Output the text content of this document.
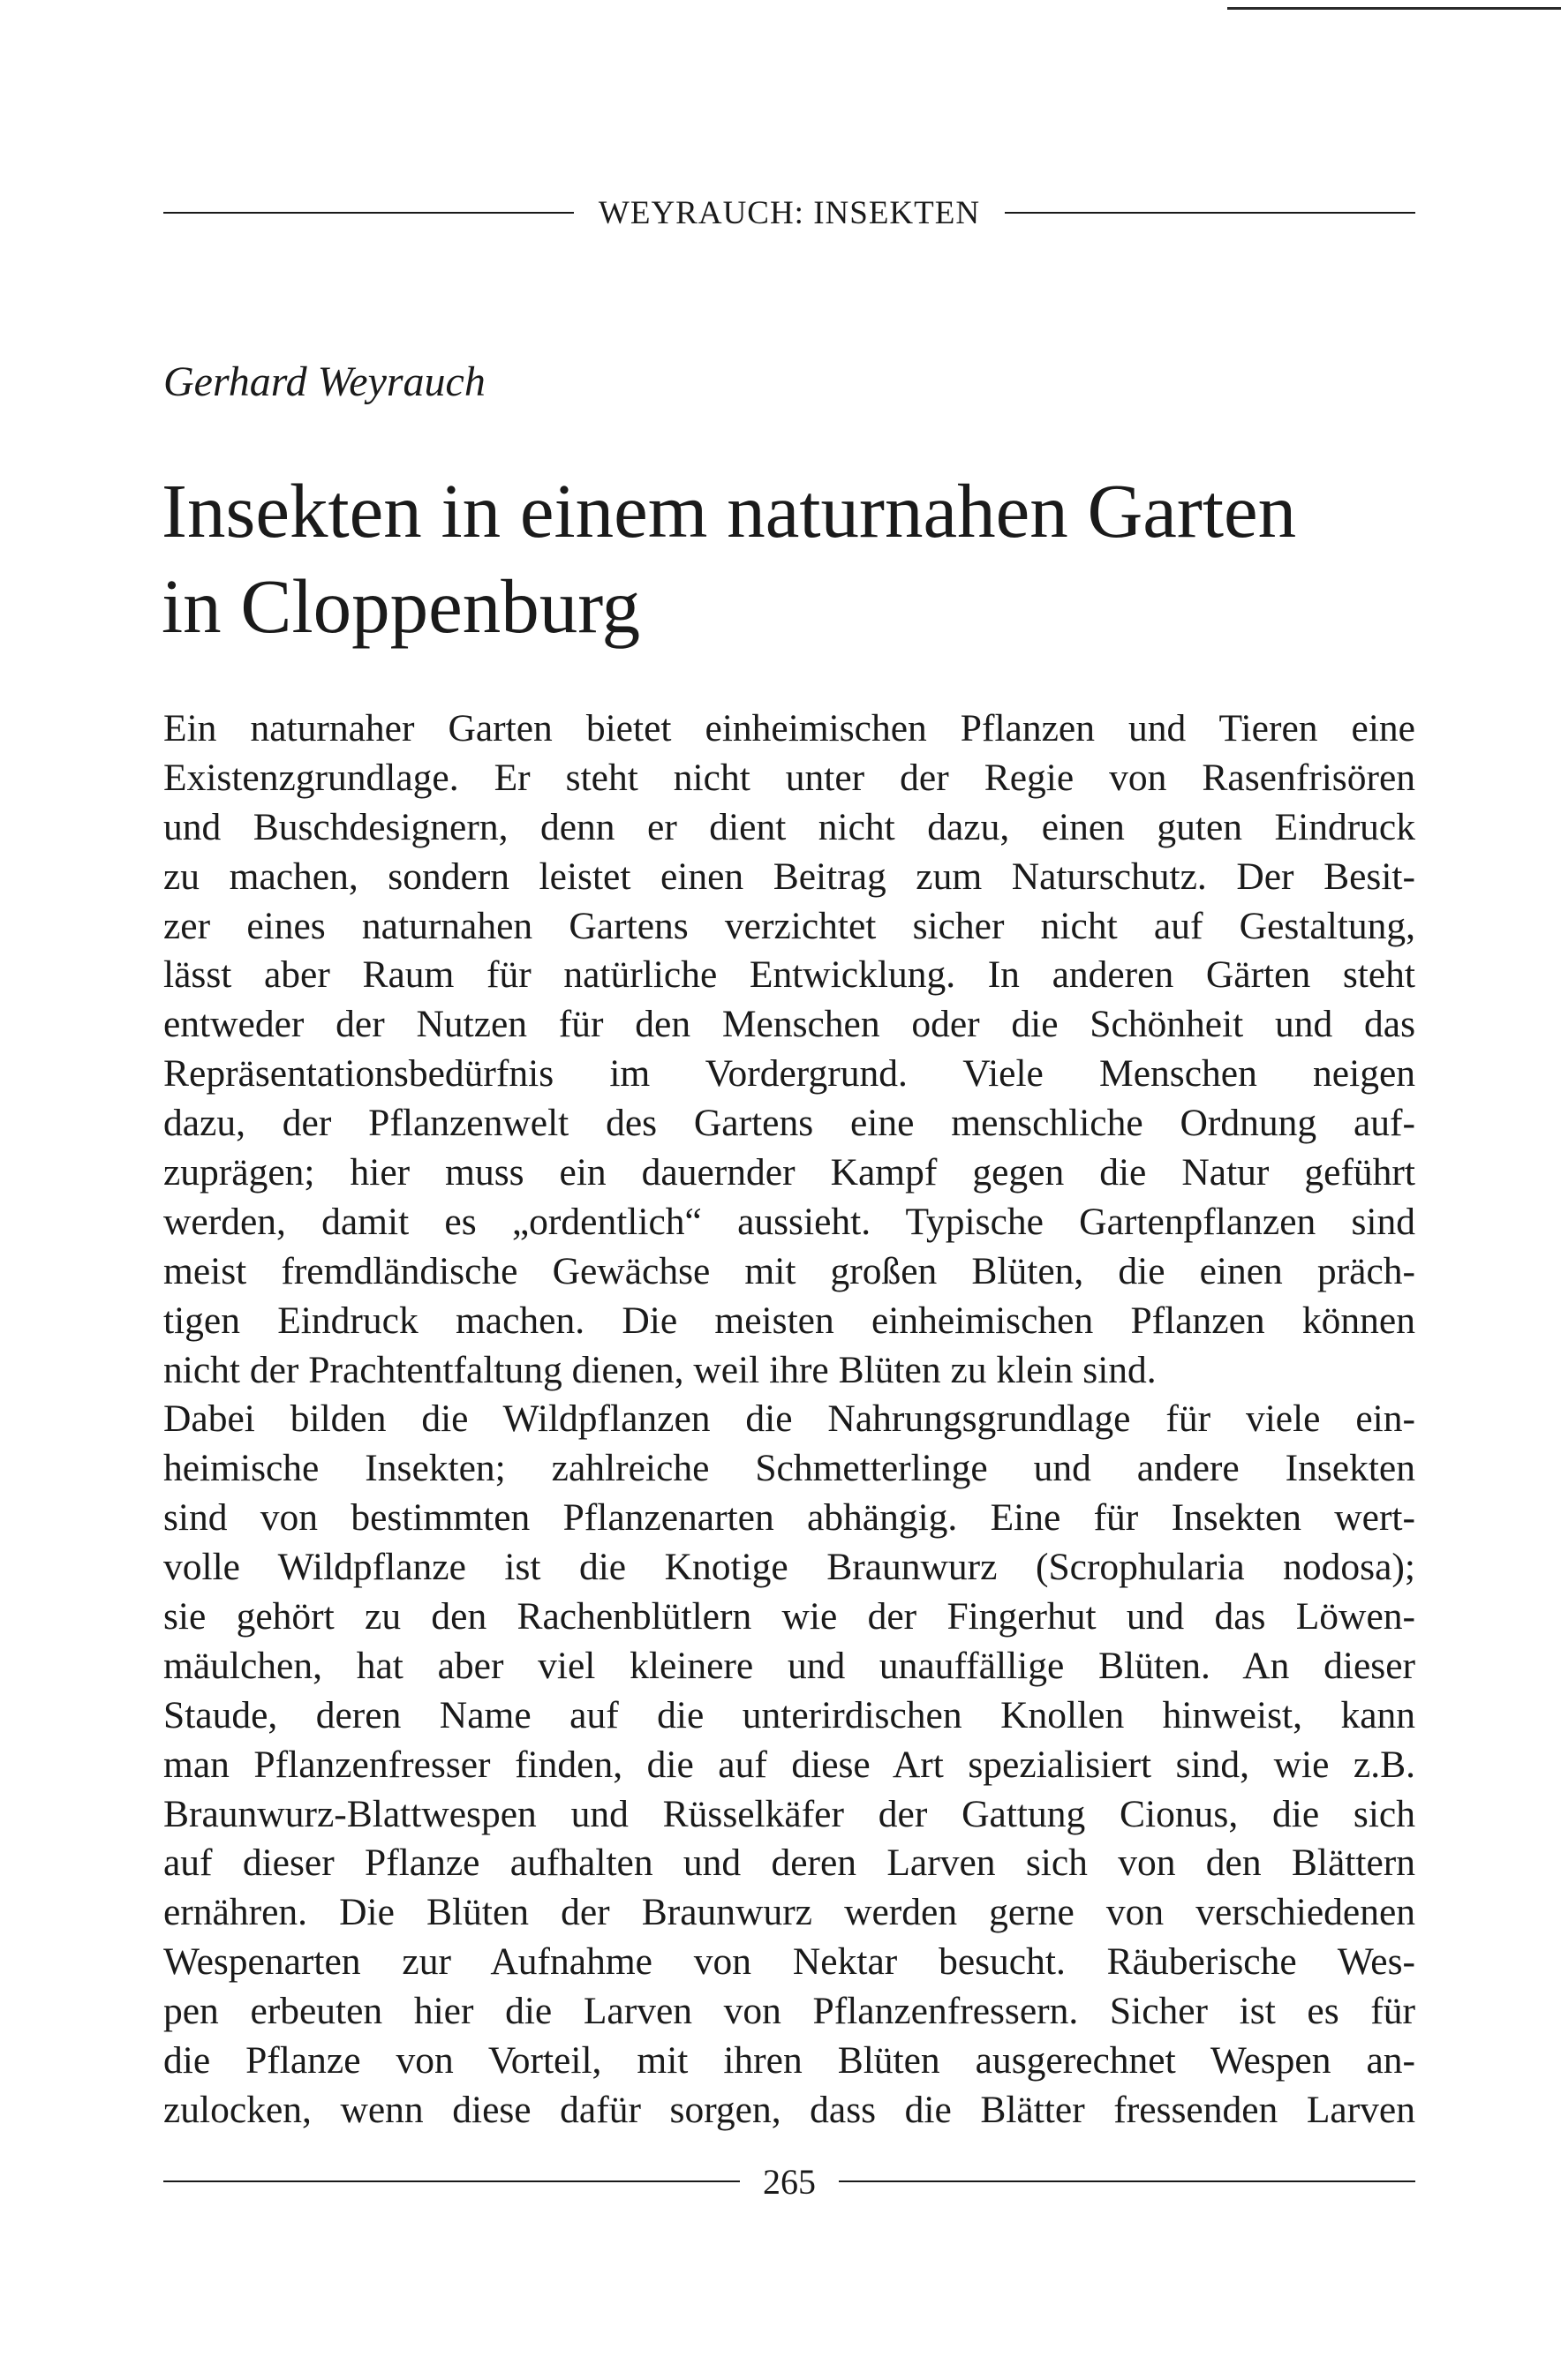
WEYRAUCH: INSEKTEN
Gerhard Weyrauch
Insekten in einem naturnahen Garten
in Cloppenburg
Ein naturnaher Garten bietet einheimischen Pflanzen und Tieren eine
Existenzgrundlage. Er steht nicht unter der Regie von Rasenfrisören
und Buschdesignern, denn er dient nicht dazu, einen guten Eindruck
zu machen, sondern leistet einen Beitrag zum Naturschutz. Der Besit-
zer eines naturnahen Gartens verzichtet sicher nicht auf Gestaltung,
lässt aber Raum für natürliche Entwicklung. In anderen Gärten steht
entweder der Nutzen für den Menschen oder die Schönheit und das
Repräsentationsbedürfnis im Vordergrund. Viele Menschen neigen
dazu, der Pflanzenwelt des Gartens eine menschliche Ordnung auf-
zuprägen; hier muss ein dauernder Kampf gegen die Natur geführt
werden, damit es „ordentlich“ aussieht. Typische Gartenpflanzen sind
meist fremdländische Gewächse mit großen Blüten, die einen präch-
tigen Eindruck machen. Die meisten einheimischen Pflanzen können
nicht der Prachtentfaltung dienen, weil ihre Blüten zu klein sind.
Dabei bilden die Wildpflanzen die Nahrungsgrundlage für viele ein-
heimische Insekten; zahlreiche Schmetterlinge und andere Insekten
sind von bestimmten Pflanzenarten abhängig. Eine für Insekten wert-
volle Wildpflanze ist die Knotige Braunwurz (Scrophularia nodosa);
sie gehört zu den Rachenblütlern wie der Fingerhut und das Löwen-
mäulchen, hat aber viel kleinere und unauffällige Blüten. An dieser
Staude, deren Name auf die unterirdischen Knollen hinweist, kann
man Pflanzenfresser finden, die auf diese Art spezialisiert sind, wie z.B.
Braunwurz-Blattwespen und Rüsselkäfer der Gattung Cionus, die sich
auf dieser Pflanze aufhalten und deren Larven sich von den Blättern
ernähren. Die Blüten der Braunwurz werden gerne von verschiedenen
Wespenarten zur Aufnahme von Nektar besucht. Räuberische Wes-
pen erbeuten hier die Larven von Pflanzenfressern. Sicher ist es für
die Pflanze von Vorteil, mit ihren Blüten ausgerechnet Wespen an-
zulocken, wenn diese dafür sorgen, dass die Blätter fressenden Larven
265
